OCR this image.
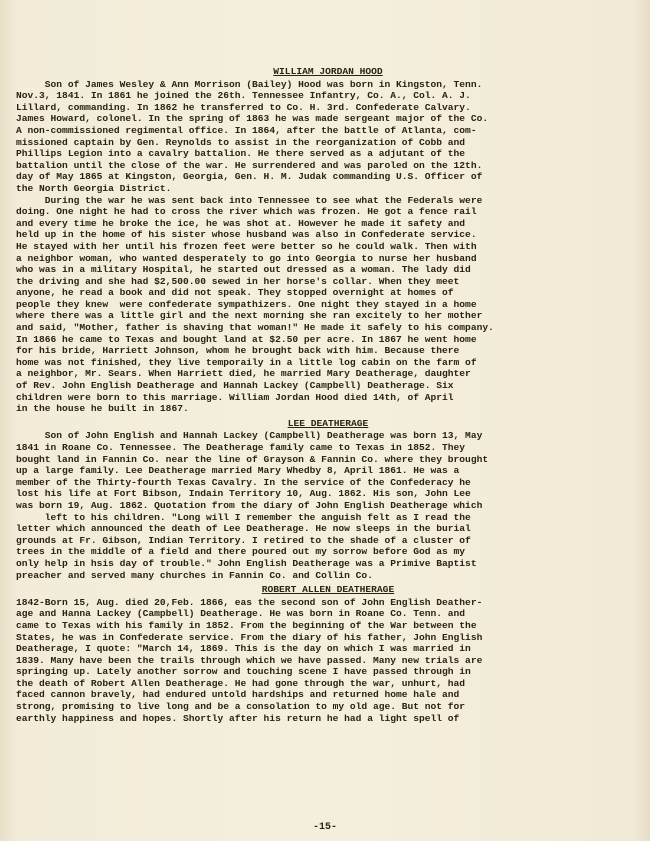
WILLIAM JORDAN HOOD
Son of James Wesley & Ann Morrison (Bailey) Hood was born in Kingston, Tenn.
Nov.3, 1841. In 1861 he joined the 26th. Tennessee Infantry, Co. A., Col. A. J.
Lillard, commanding. In 1862 he transferred to Co. H. 3rd. Confederate Calvary.
James Howard, colonel. In the spring of 1863 he was made sergeant major of the Co.
A non-commissioned regimental office. In 1864, after the battle of Atlanta, com-
missioned captain by Gen. Reynolds to assist in the reorganization of Cobb and
Phillips Legion into a cavalry battalion. He there served as a adjutant of the
battalion until the close of the war. He surrendered and was paroled on the 12th.
day of May 1865 at Kingston, Georgia, Gen. H. M. Judak commanding U.S. Officer of
the North Georgia District.
During the war he was sent back into Tennessee to see what the Federals were
doing. One night he had to cross the river which was frozen. He got a fence rail
and every time he broke the ice, he was shot at. However he made it safety and
held up in the home of his sister whose husband was also in Confederate service.
He stayed with her until his frozen feet were better so he could walk. Then with
a neighbor woman, who wanted desperately to go into Georgia to nurse her husband
who was in a military Hospital, he started out dressed as a woman. The lady did
the driving and she had $2,500.00 sewed in her horse's collar. When they meet
anyone, he read a book and did not speak. They stopped overnight at homes of
people they knew  were confederate sympathizers. One night they stayed in a home
where there was a little girl and the next morning she ran excitely to her mother
and said, "Mother, father is shaving that woman!" He made it safely to his company.
In 1866 he came to Texas and bought land at $2.50 per acre. In 1867 he went home
for his bride, Harriett Johnson, whom he brought back with him. Because there
home was not finished, they live temporaily in a little log cabin on the farm of
a neighbor, Mr. Sears. When Harriett died, he married Mary Deatherage, daughter
of Rev. John English Deatherage and Hannah Lackey (Campbell) Deatherage. Six
children were born to this marriage. William Jordan Hood died 14th, of April
in the house he built in 1867.
LEE DEATHERAGE
Son of John English and Hannah Lackey (Campbell) Deatherage was born 13, May
1841 in Roane Co. Tennessee. The Deatherage family came to Texas in 1852. They
bought land in Fannin Co. near the line of Grayson & Fannin Co. where they brought
up a large family. Lee Deatherage married Mary Whedby 8, April 1861. He was a
member of the Thirty-fourth Texas Cavalry. In the service of the Confederacy he
lost his life at Fort Bibson, Indain Territory 10, Aug. 1862. His son, John Lee
was born 19, Aug. 1862. Quotation from the diary of John English Deatherage which
left to his children. "Long will I remember the anguish felt as I read the
letter which announced the death of Lee Deatherage. He now sleeps in the burial
grounds at Fr. Gibson, Indian Territory. I retired to the shade of a cluster of
trees in the middle of a field and there poured out my sorrow before God as my
only help in hsis day of trouble." John English Deatherage was a Primive Baptist
preacher and served many churches in Fannin Co. and Collin Co.
ROBERT ALLEN DEATHERAGE
1842-Born 15, Aug. died 20,Feb. 1866, eas the second son of John English Deather-
age and Hanna Lackey (Campbell) Deatherage. He was born in Roane Co. Tenn. and
came to Texas with his family in 1852. From the beginning of the War between the
States, he was in Confederate service. From the diary of his father, John English
Deatherage, I quote: "March 14, 1869. This is the day on which I was married in
1839. Many have been the trails through which we have passed. Many new trials are
springing up. Lately another sorrow and touching scene I have passed through in
the death of Robert Allen Deatherage. He had gone through the war, unhurt, had
faced cannon bravely, had endured untold hardships and returned home hale and
strong, promising to live long and be a consolation to my old age. But not for
earthly happiness and hopes. Shortly after his return he had a light spell of
-15-
